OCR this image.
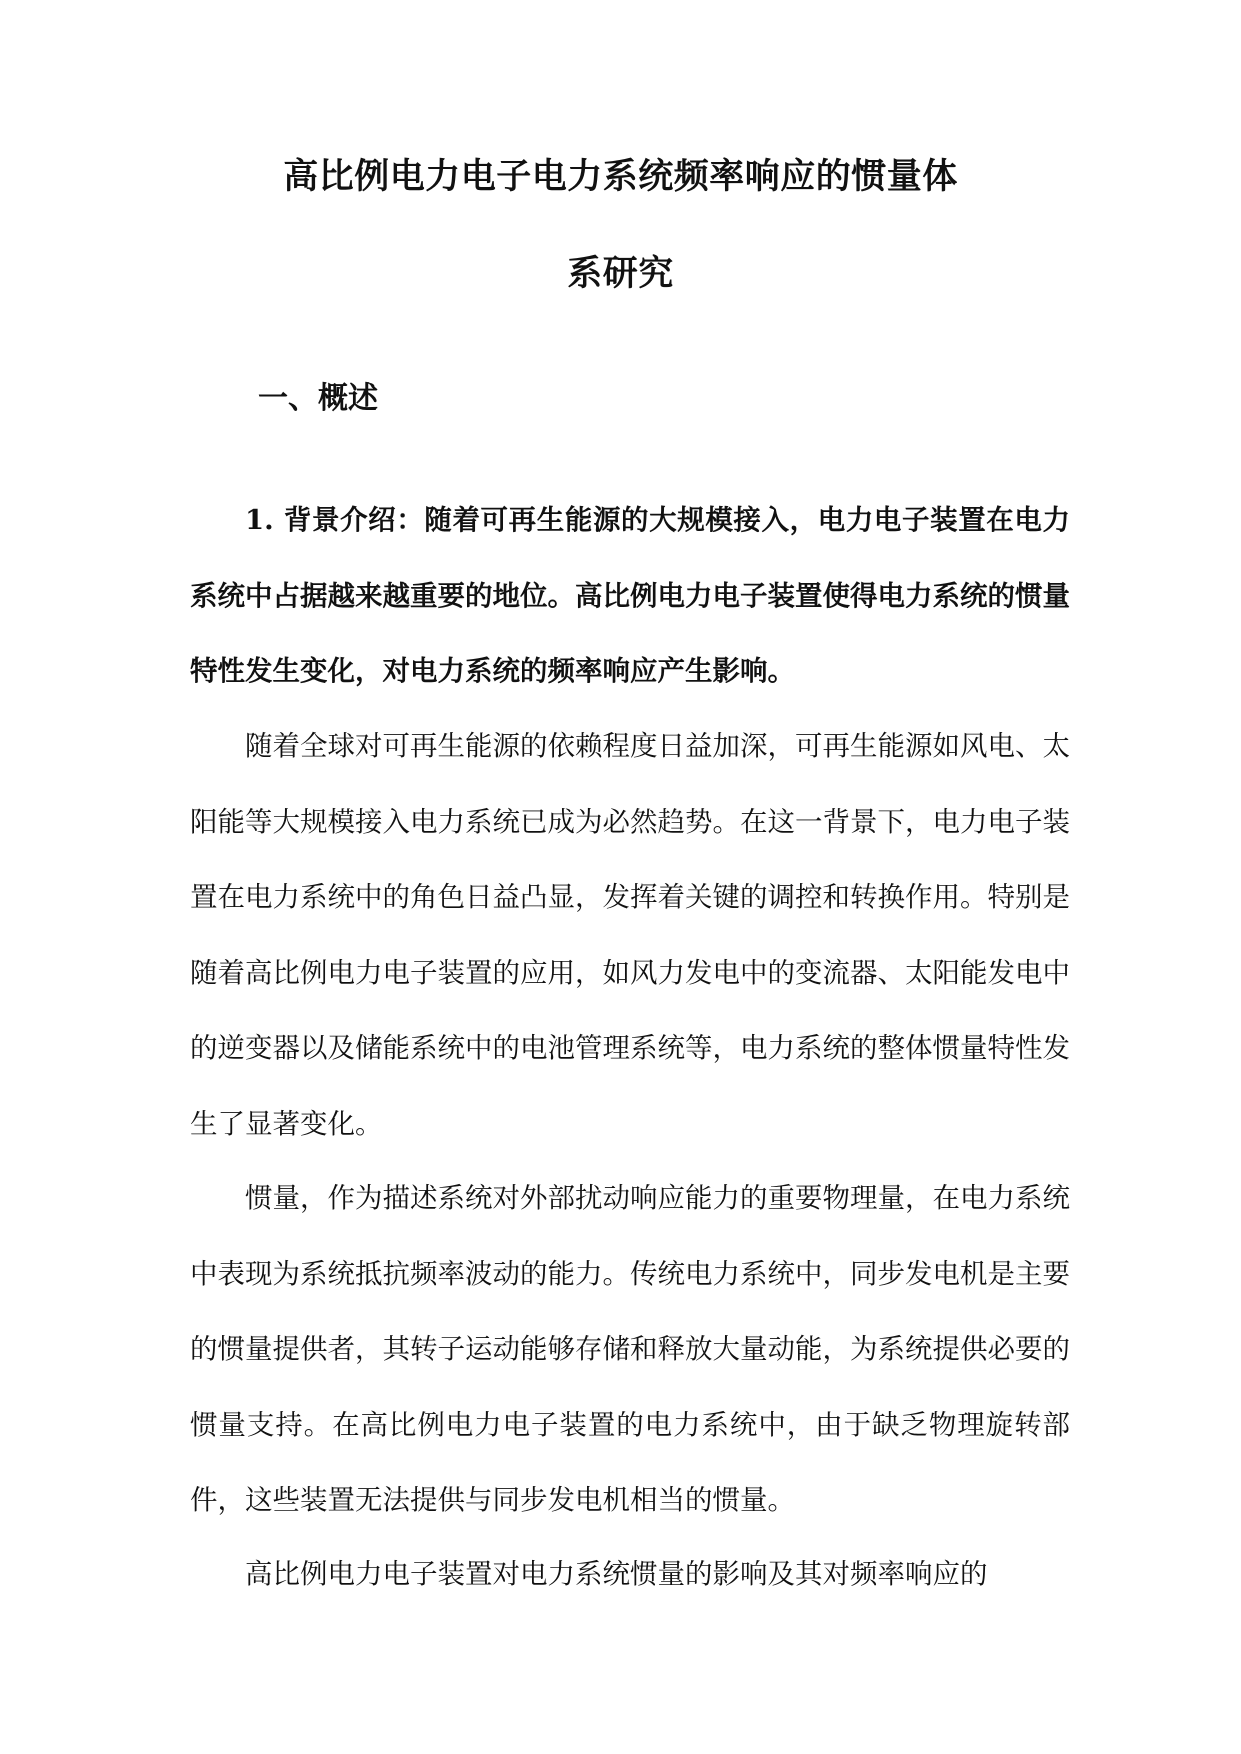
高比例电力电子电力系统频率响应的惯量体
系研究
一、概述

1. 背景介绍：随着可再生能源的大规模接入，电力电子装置在电力系统中占据越来越重要的地位。高比例电力电子装置使得电力系统的惯量特性发生变化，对电力系统的频率响应产生影响。

随着全球对可再生能源的依赖程度日益加深，可再生能源如风电、太阳能等大规模接入电力系统已成为必然趋势。在这一背景下，电力电子装置在电力系统中的角色日益凸显，发挥着关键的调控和转换作用。特别是随着高比例电力电子装置的应用，如风力发电中的变流器、太阳能发电中的逆变器以及储能系统中的电池管理系统等，电力系统的整体惯量特性发生了显著变化。

惯量，作为描述系统对外部扰动响应能力的重要物理量，在电力系统中表现为系统抵抗频率波动的能力。传统电力系统中，同步发电机是主要的惯量提供者，其转子运动能够存储和释放大量动能，为系统提供必要的惯量支持。在高比例电力电子装置的电力系统中，由于缺乏物理旋转部件，这些装置无法提供与同步发电机相当的惯量。

高比例电力电子装置对电力系统惯量的影响及其对频率响应的
